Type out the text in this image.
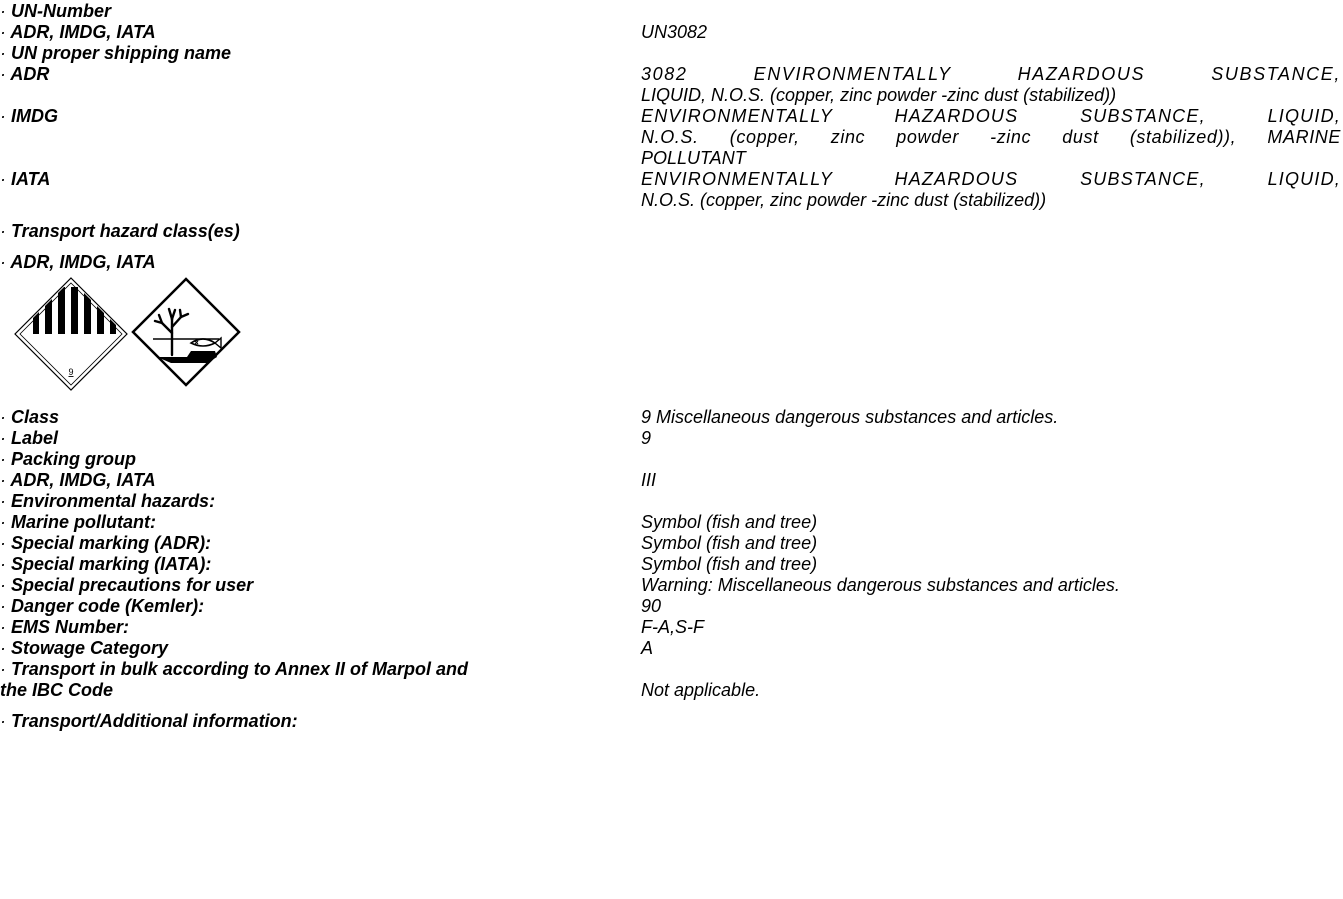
· UN-Number
· ADR, IMDG, IATA	UN3082
· UN proper shipping name
· ADR	3082 ENVIRONMENTALLY HAZARDOUS SUBSTANCE,
LIQUID, N.O.S. (copper, zinc powder -zinc dust (stabilized))
· IMDG	ENVIRONMENTALLY HAZARDOUS SUBSTANCE, LIQUID,
N.O.S. (copper, zinc powder -zinc dust (stabilized)), MARINE
POLLUTANT
· IATA	ENVIRONMENTALLY HAZARDOUS SUBSTANCE, LIQUID,
N.O.S. (copper, zinc powder -zinc dust (stabilized))
· Transport hazard class(es)
· ADR, IMDG, IATA
9
· Class	9 Miscellaneous dangerous substances and articles.
· Label	9
· Packing group
· ADR, IMDG, IATA	III
· Environmental hazards:
· Marine pollutant:	Symbol (fish and tree)
· Special marking (ADR):	Symbol (fish and tree)
· Special marking (IATA):	Symbol (fish and tree)
· Special precautions for user	Warning: Miscellaneous dangerous substances and articles.
· Danger code (Kemler):	90
· EMS Number:	F-A,S-F
· Stowage Category	A
· Transport in bulk according to Annex II of Marpol and
the IBC Code	Not applicable.
· Transport/Additional information:
